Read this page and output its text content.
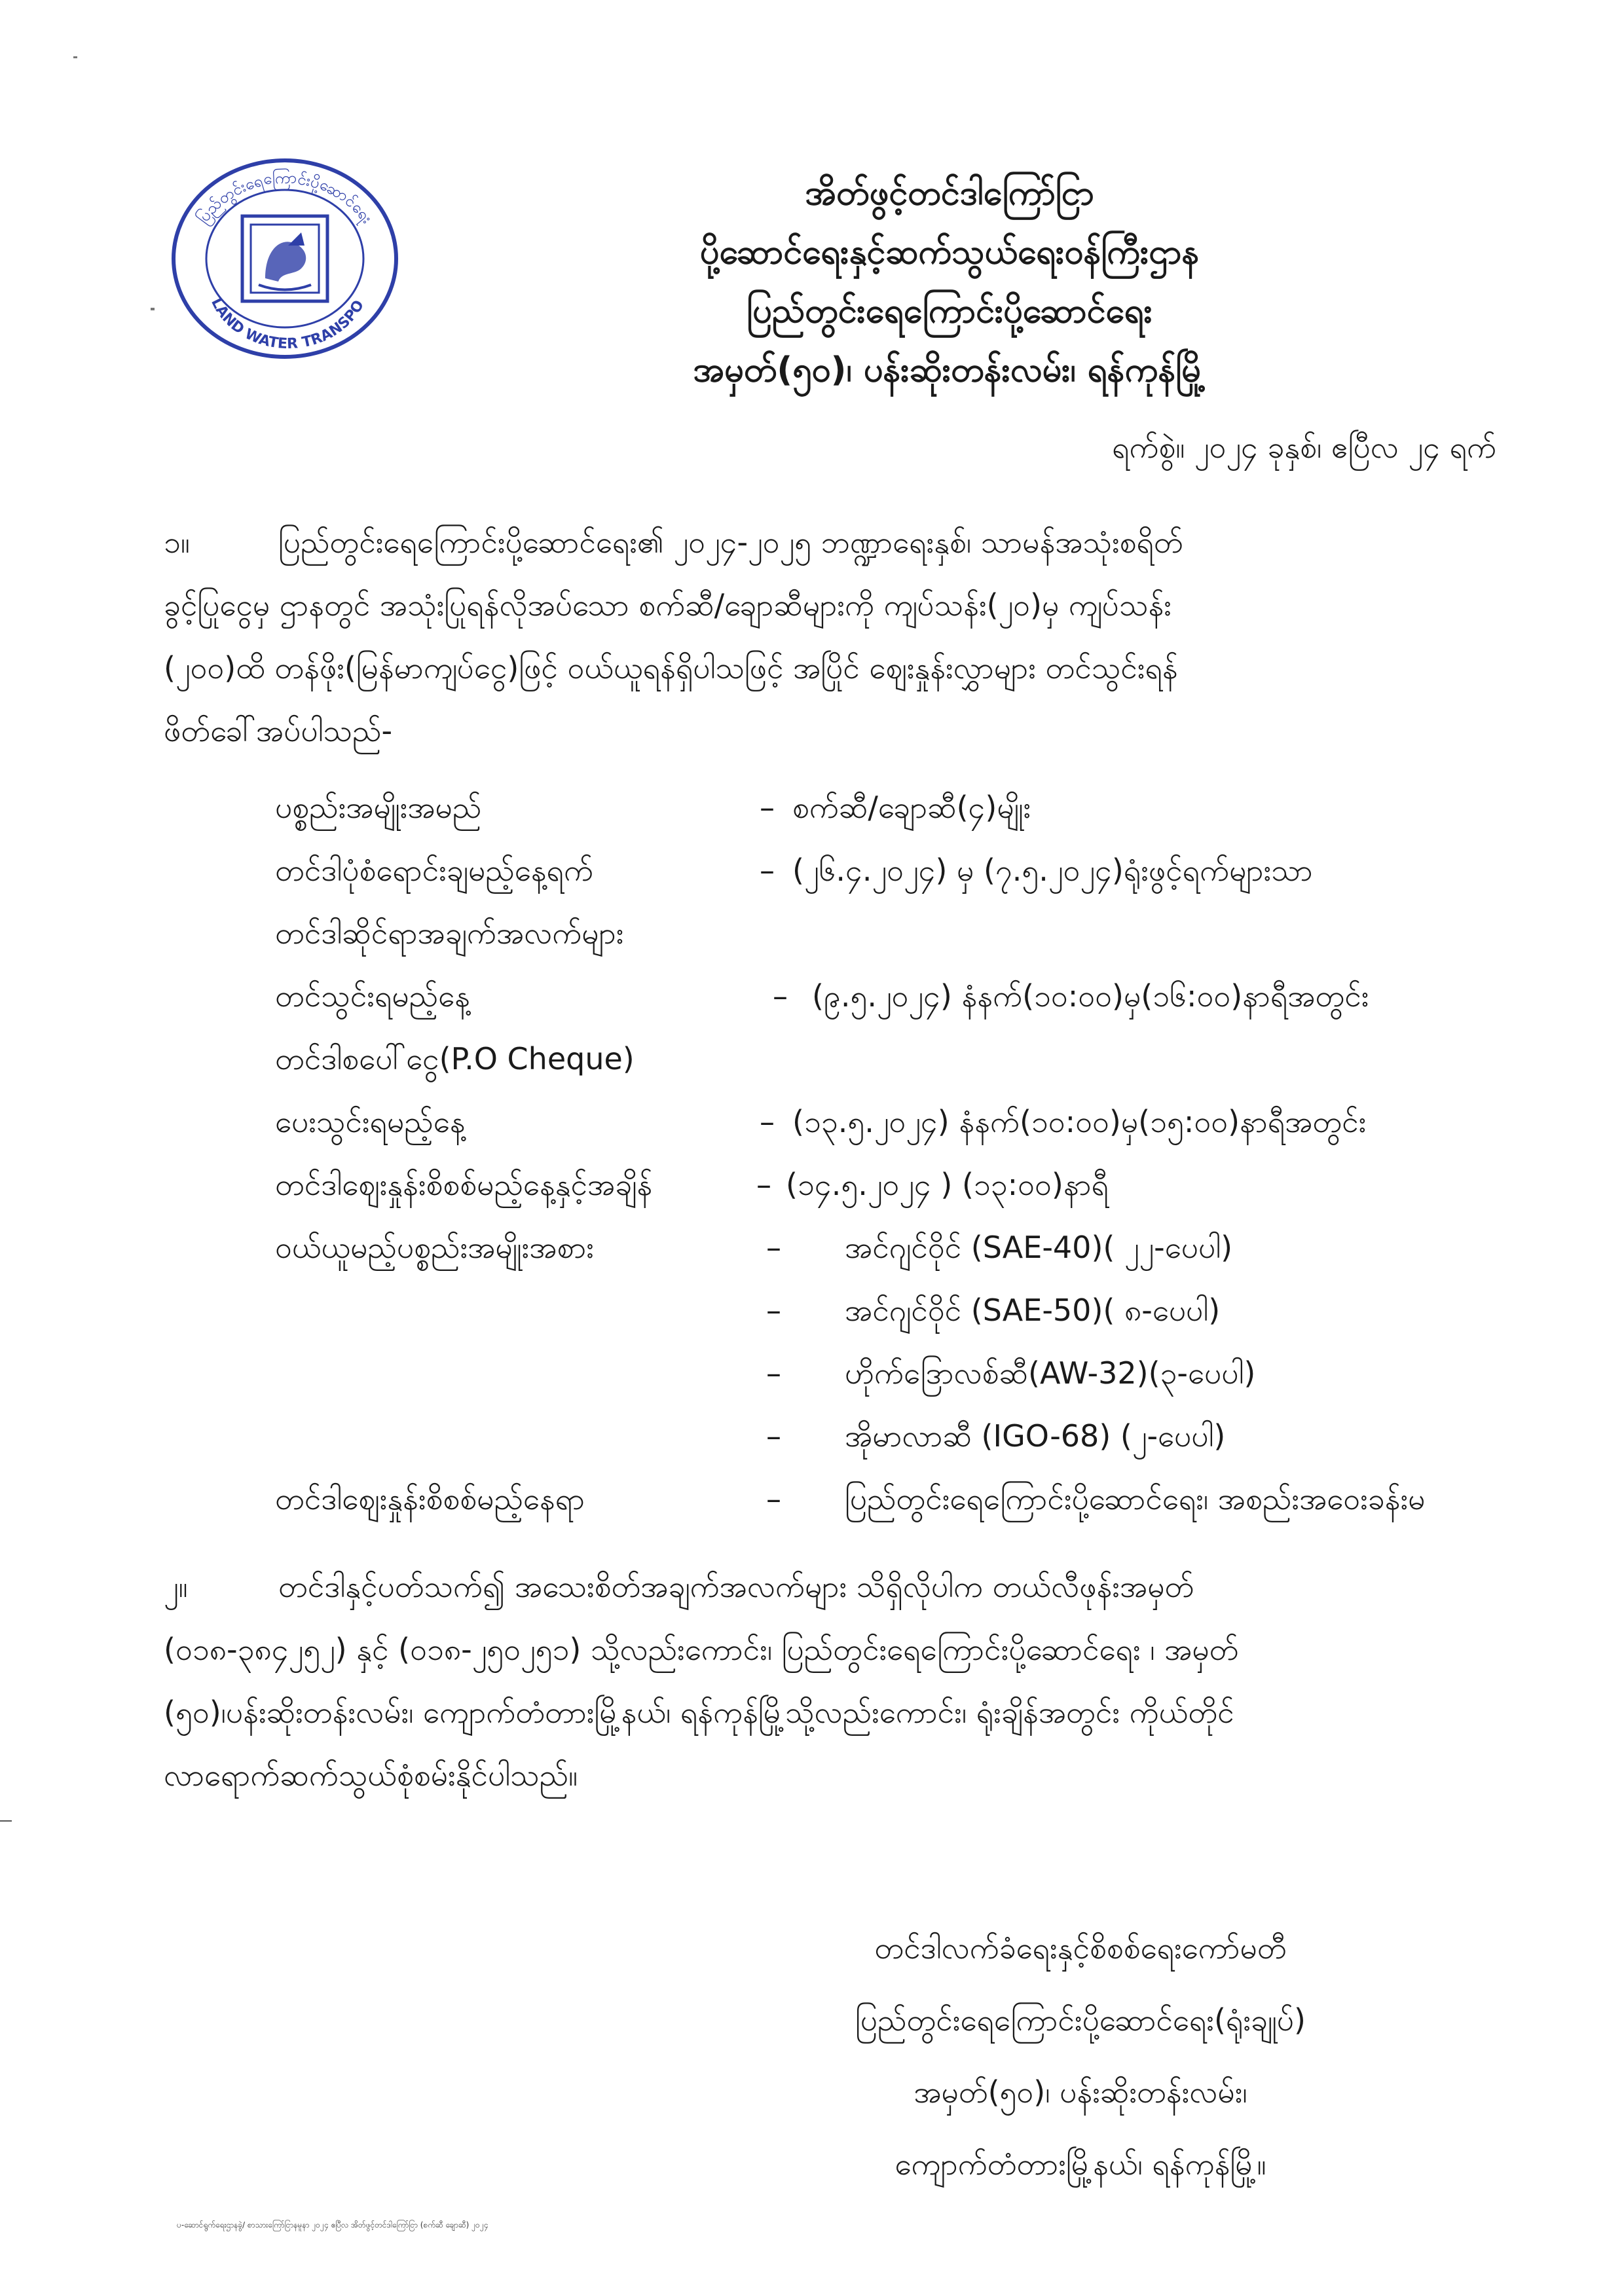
ပြည်တွင်းရေကြောင်းပို့ဆောင်ရေး
LAND WATER TRANSPO
အိတ်ဖွင့်တင်ဒါကြော်ငြာ
ပို့ဆောင်ရေးနှင့်ဆက်သွယ်ရေးဝန်ကြီးဌာန
ပြည်တွင်းရေကြောင်းပို့ဆောင်ရေး
အမှတ်(၅၀)၊ ပန်းဆိုးတန်းလမ်း၊ ရန်ကုန်မြို့
ရက်စွဲ။ ၂၀၂၄ ခုနှစ်၊ ဧပြီလ ၂၄ ရက်
၁။	ပြည်တွင်းရေကြောင်းပို့ဆောင်ရေး၏ ၂၀၂၄-၂၀၂၅ ဘဏ္ဍာရေးနှစ်၊ သာမန်အသုံးစရိတ်
ခွင့်ပြုငွေမှ ဌာနတွင် အသုံးပြုရန်လိုအပ်သော စက်ဆီ/ချောဆီများကို ကျပ်သန်း(၂၀)မှ ကျပ်သန်း
(၂၀၀)ထိ တန်ဖိုး(မြန်မာကျပ်ငွေ)ဖြင့် ဝယ်ယူရန်ရှိပါသဖြင့် အပြိုင် ဈေးနှုန်းလွှာများ တင်သွင်းရန်
ဖိတ်ခေါ်အပ်ပါသည်-
ပစ္စည်းအမျိုးအမည်	– စက်ဆီ/ချောဆီ(၄)မျိုး
တင်ဒါပုံစံရောင်းချမည့်နေ့ရက်	– (၂၆.၄.၂၀၂၄) မှ (၇.၅.၂၀၂၄)ရုံးဖွင့်ရက်များသာ
တင်ဒါဆိုင်ရာအချက်အလက်များ
တင်သွင်းရမည့်နေ့	– (၉.၅.၂၀၂၄) နံနက်(၁၀:၀၀)မှ(၁၆:၀၀)နာရီအတွင်း
တင်ဒါစပေါ်ငွေ(P.O Cheque)
ပေးသွင်းရမည့်နေ့	– (၁၃.၅.၂၀၂၄) နံနက်(၁၀:၀၀)မှ(၁၅:၀၀)နာရီအတွင်း
တင်ဒါဈေးနှုန်းစိစစ်မည့်နေ့နှင့်အချိန်	– (၁၄.၅.၂၀၂၄ ) (၁၃:၀၀)နာရီ
ဝယ်ယူမည့်ပစ္စည်းအမျိုးအစား	– အင်ဂျင်ဝိုင် (SAE-40)( ၂၂-ပေပါ)
– အင်ဂျင်ဝိုင် (SAE-50)( ၈-ပေပါ)
– ဟိုက်ဒြောလစ်ဆီ(AW-32)(၃-ပေပါ)
– အိုမာလာဆီ (IGO-68) (၂-ပေပါ)
တင်ဒါဈေးနှုန်းစိစစ်မည့်နေရာ	– ပြည်တွင်းရေကြောင်းပို့ဆောင်ရေး၊ အစည်းအဝေးခန်းမ
၂။	တင်ဒါနှင့်ပတ်သက်၍ အသေးစိတ်အချက်အလက်များ သိရှိလိုပါက တယ်လီဖုန်းအမှတ်
(၀၁၈-၃၈၄၂၅၂) နှင့် (၀၁၈-၂၅၀၂၅၁) သို့လည်းကောင်း၊ ပြည်တွင်းရေကြောင်းပို့ဆောင်ရေး ၊ အမှတ်
(၅၀)၊ပန်းဆိုးတန်းလမ်း၊ ကျောက်တံတားမြို့နယ်၊ ရန်ကုန်မြို့သို့လည်းကောင်း၊ ရုံးချိန်အတွင်း ကိုယ်တိုင်
လာရောက်ဆက်သွယ်စုံစမ်းနိုင်ပါသည်။
တင်ဒါလက်ခံရေးနှင့်စိစစ်ရေးကော်မတီ
ပြည်တွင်းရေကြောင်းပို့ဆောင်ရေး(ရုံးချုပ်)
အမှတ်(၅၀)၊ ပန်းဆိုးတန်းလမ်း၊
ကျောက်တံတားမြို့နယ်၊ ရန်ကုန်မြို့။
ပ-ဆောင်ရွက်ရေးဌာနခွဲ/ စာသားကြော်ငြာနမူနာ ၂၀၂၄ ဧပြီလ အိတ်ဖွင့်တင်ဒါကြော်ငြာ (စက်ဆီ ချောဆီ) ၂၀၂၄
